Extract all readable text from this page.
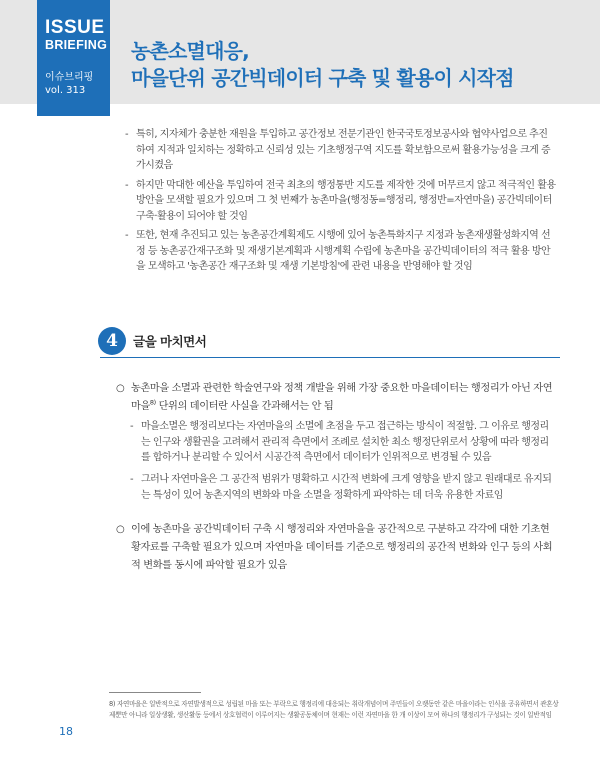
ISSUE
BRIEFING
이슈브리핑
vol. 313
농촌소멸대응,
마을단위 공간빅데이터 구축 및 활용이 시작점
- 특히, 지자체가 충분한 재원을 투입하고 공간정보 전문기관인 한국국토정보공사와 협약사업으로 추진하여 지적과 일치하는 정확하고 신뢰성 있는 기초행정구역 지도를 확보함으로써 활용가능성을 크게 증가시켰음
- 하지만 막대한 예산을 투입하여 전국 최초의 행정통반 지도를 제작한 것에 머무르지 않고 적극적인 활용 방안을 모색할 필요가 있으며 그 첫 번째가 농촌마을(행정동=행정리, 행정반=자연마을) 공간빅데이터 구축·활용이 되어야 할 것임
- 또한, 현재 추진되고 있는 농촌공간계획제도 시행에 있어 농촌특화지구 지정과 농촌재생활성화지역 선정 등 농촌공간재구조화 및 재생기본계획과 시행계획 수립에 농촌마을 공간빅데이터의 적극 활용 방안을 모색하고 '농촌공간 재구조화 및 재생 기본방침'에 관련 내용을 반영해야 할 것임
4	글을 마치면서
○ 농촌마을 소멸과 관련한 학술연구와 정책 개발을 위해 가장 중요한 마을데이터는 행정리가 아닌 자연마을$^{8)}$ 단위의 데이터란 사실을 간과해서는 안 됨
- 마을소멸은 행정리보다는 자연마을의 소멸에 초점을 두고 접근하는 방식이 적절함. 그 이유로 행정리는 인구와 생활권을 고려해서 관리적 측면에서 조례로 설치한 최소 행정단위로서 상황에 따라 행정리를 합하거나 분리할 수 있어서 시공간적 측면에서 데이터가 인위적으로 변경될 수 있음
- 그러나 자연마을은 그 공간적 범위가 명확하고 시간적 변화에 크게 영향을 받지 않고 원래대로 유지되는 특성이 있어 농촌지역의 변화와 마을 소멸을 정확하게 파악하는 데 더욱 유용한 자료임
○ 이에 농촌마을 공간빅데이터 구축 시 행정리와 자연마을을 공간적으로 구분하고 각각에 대한 기초현황자료를 구축할 필요가 있으며 자연마을 데이터를 기준으로 행정리의 공간적 변화와 인구 등의 사회적 변화를 동시에 파악할 필요가 있음
8) 자연마을은 일반적으로 자연발생적으로 성립된 마을 또는 부락으로 행정리에 대응되는 취락개념이며 주민들이 오랫동안 같은 마을이라는 인식을 공유하면서 관혼상제뿐만 아니라 일상생활, 생산활동 등에서 상호협력이 이루어지는 생활공동체이며 현재는 이런 자연마을 한 개 이상이 모여 하나의 행정리가 구성되는 것이 일반적임
18
